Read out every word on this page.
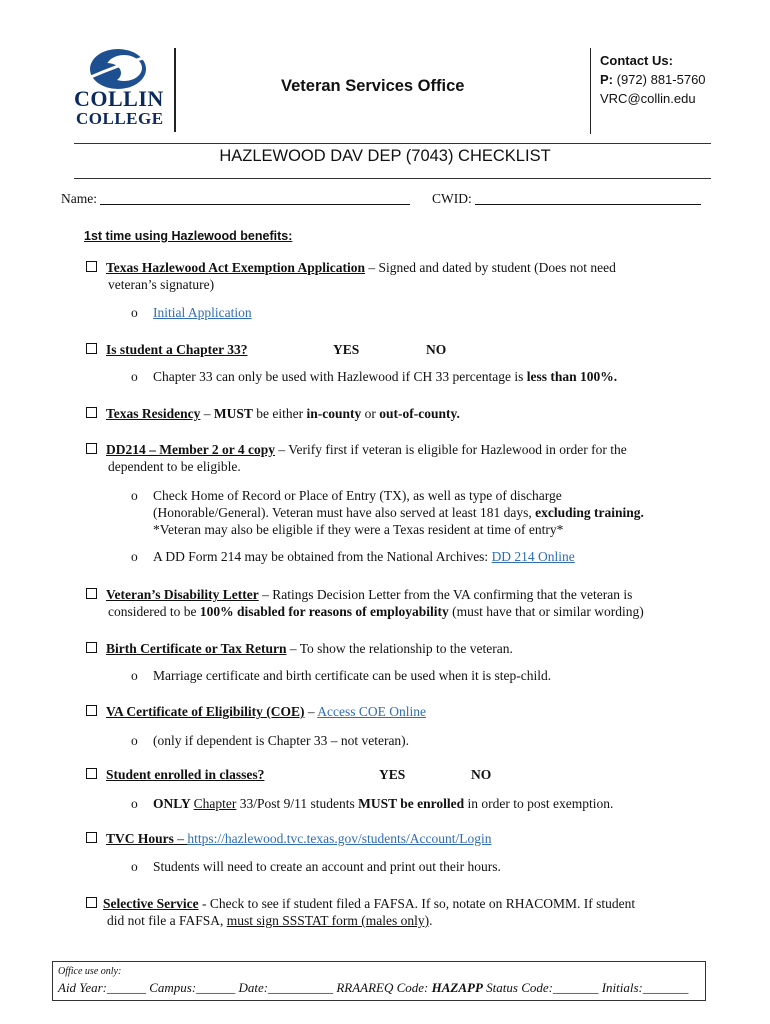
COLLIN
COLLEGE
Veteran Services Office
Contact Us:
P: (972) 881-5760
VRC@collin.edu
HAZLEWOOD DAV DEP (7043) CHECKLIST
Name:	CWID:
1st time using Hazlewood benefits:
Texas Hazlewood Act Exemption Application – Signed and dated by student (Does not need
veteran’s signature)
o Initial Application
Is student a Chapter 33?	YES	NO
o Chapter 33 can only be used with Hazlewood if CH 33 percentage is less than 100%.
Texas Residency – MUST be either in-county or out-of-county.
DD214 – Member 2 or 4 copy – Verify first if veteran is eligible for Hazlewood in order for the
dependent to be eligible.
o Check Home of Record or Place of Entry (TX), as well as type of discharge
(Honorable/General). Veteran must have also served at least 181 days, excluding training.
*Veteran may also be eligible if they were a Texas resident at time of entry*
o A DD Form 214 may be obtained from the National Archives: DD 214 Online
Veteran’s Disability Letter – Ratings Decision Letter from the VA confirming that the veteran is
considered to be 100% disabled for reasons of employability (must have that or similar wording)
Birth Certificate or Tax Return – To show the relationship to the veteran.
o Marriage certificate and birth certificate can be used when it is step-child.
VA Certificate of Eligibility (COE) – Access COE Online
o (only if dependent is Chapter 33 – not veteran).
Student enrolled in classes?	YES	NO
o ONLY Chapter 33/Post 9/11 students MUST be enrolled in order to post exemption.
TVC Hours – https://hazlewood.tvc.texas.gov/students/Account/Login
o Students will need to create an account and print out their hours.
Selective Service - Check to see if student filed a FAFSA. If so, notate on RHACOMM. If student
did not file a FAFSA, must sign SSSTAT form (males only).
Office use only:
Aid Year:______ Campus:______ Date:__________ RRAAREQ Code: HAZAPP Status Code:_______ Initials:_______
